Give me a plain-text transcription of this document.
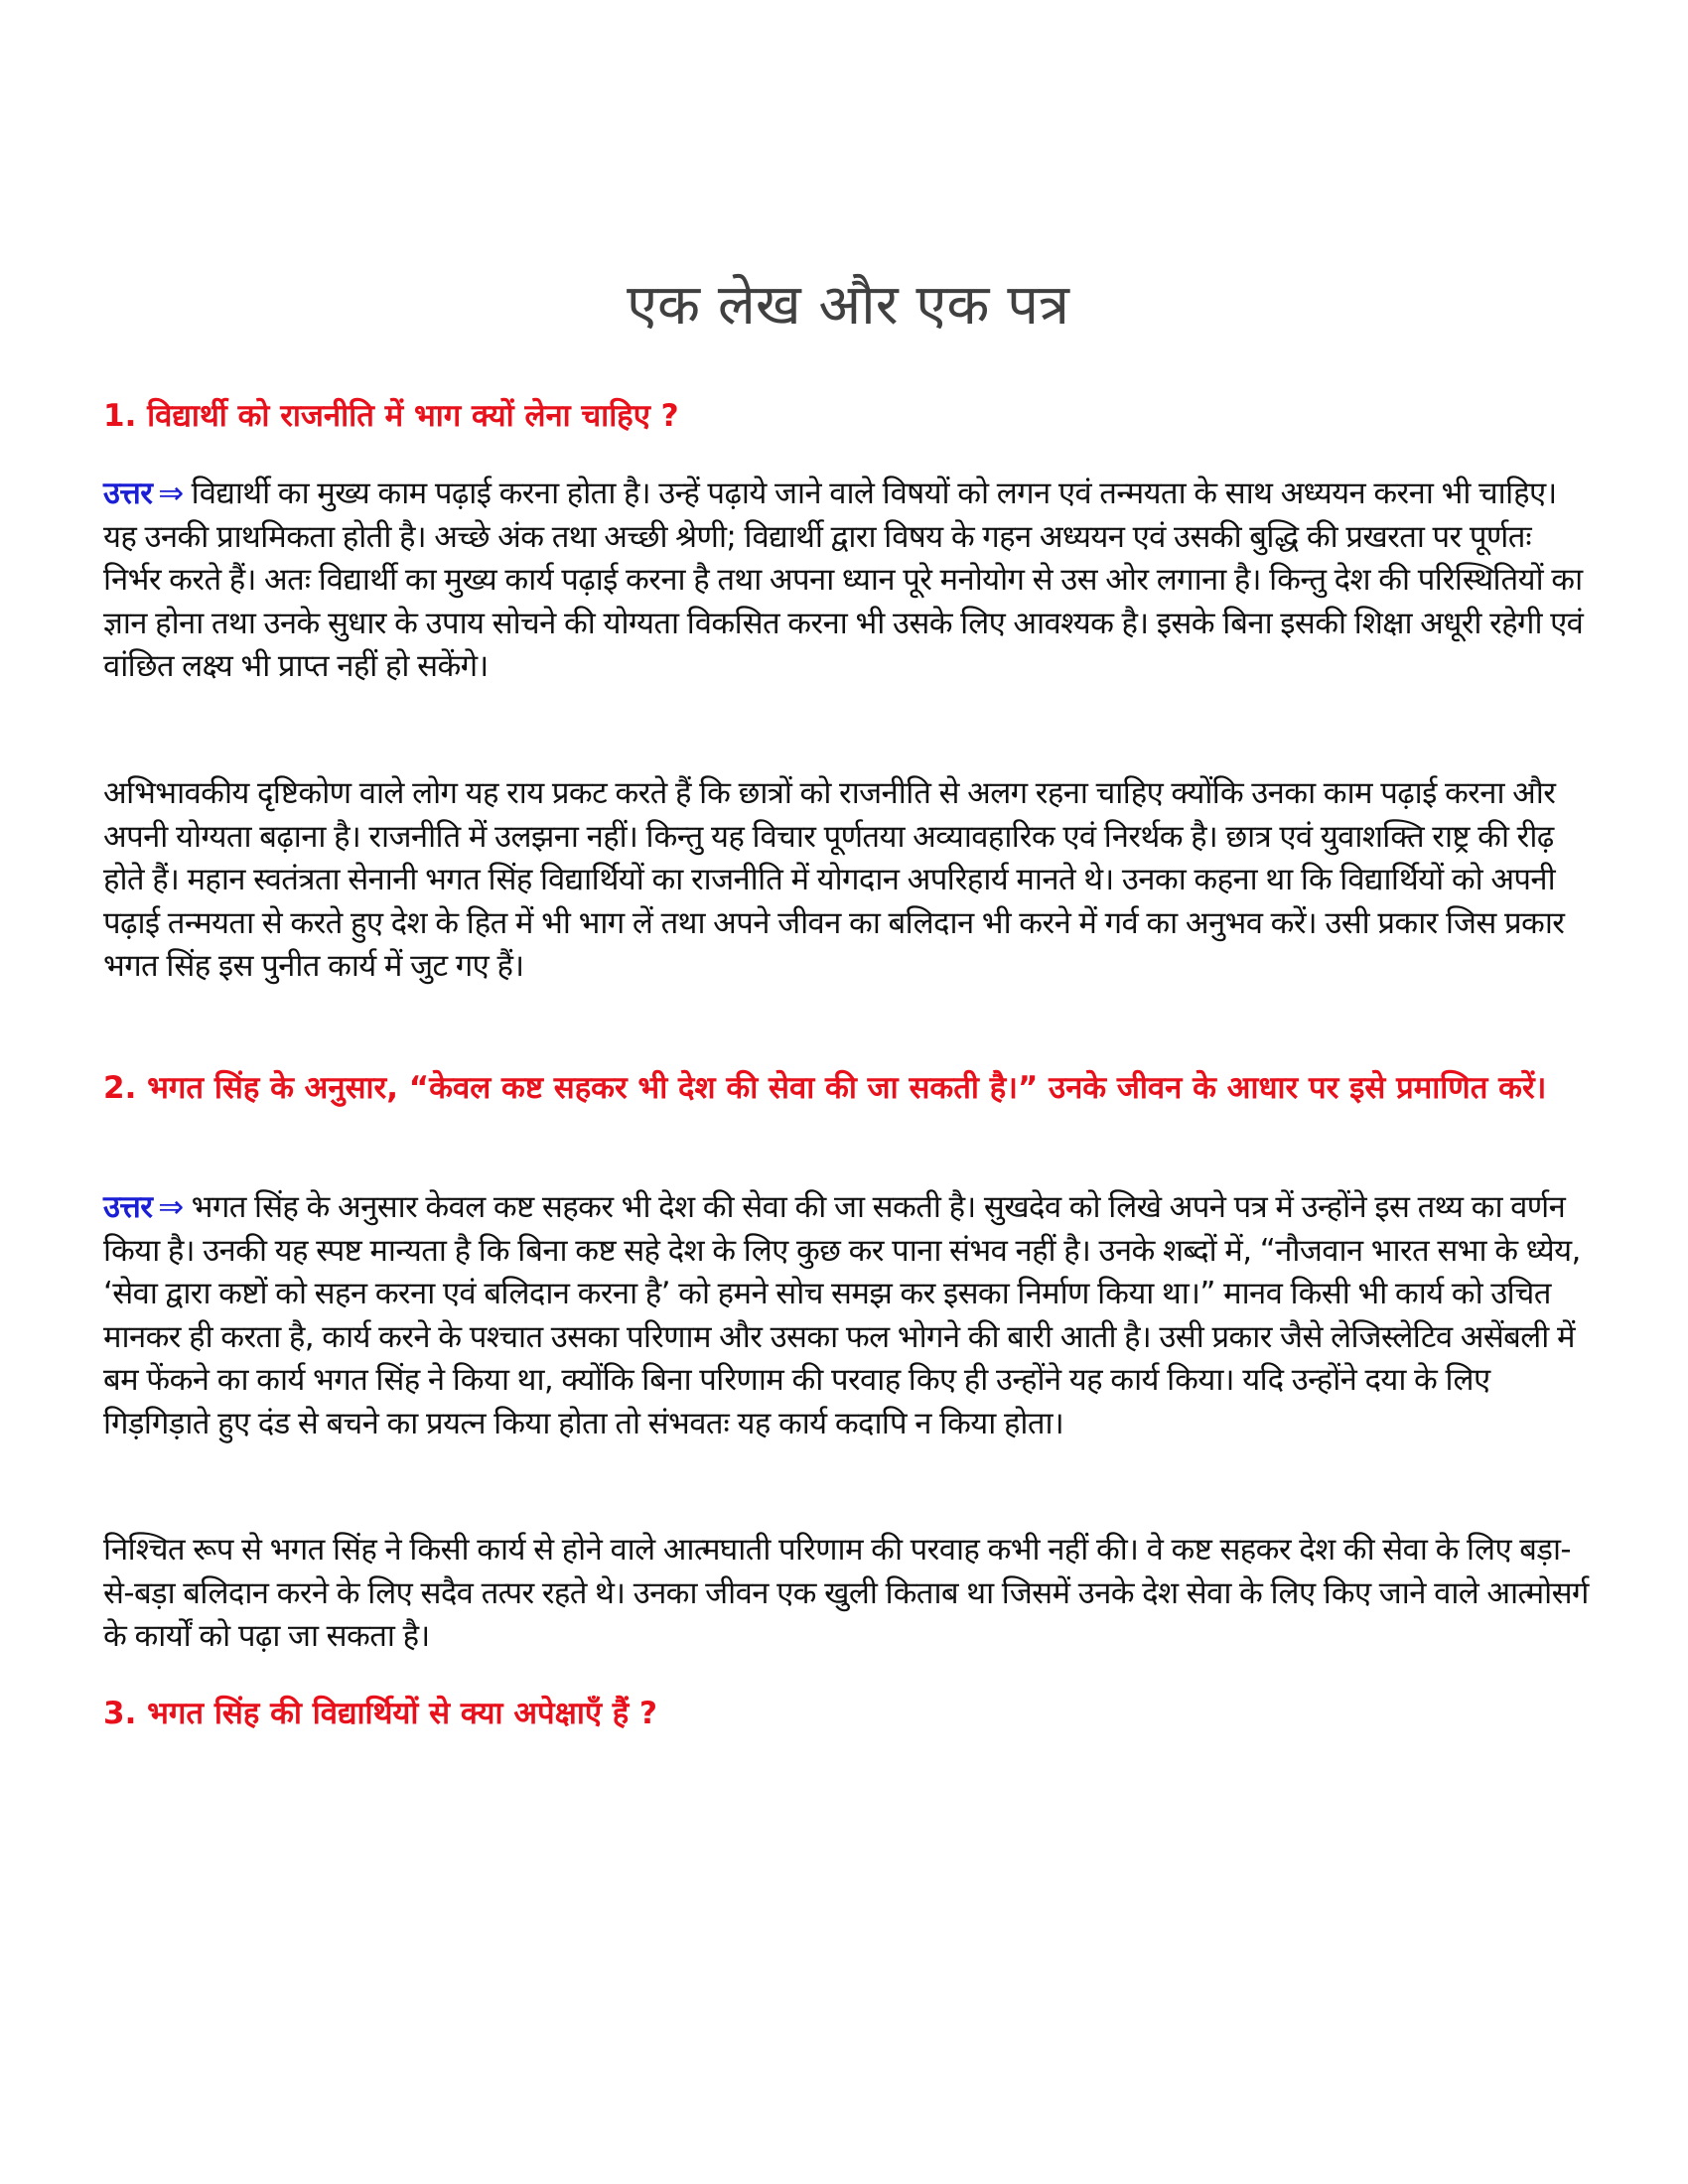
एक लेख और एक पत्र

1. विद्यार्थी को राजनीति में भाग क्यों लेना चाहिए ?

उत्तर ⇒ विद्यार्थी का मुख्य काम पढ़ाई करना होता है। उन्हें पढ़ाये जाने वाले विषयों को लगन एवं तन्मयता के साथ अध्ययन करना भी चाहिए। यह उनकी प्राथमिकता होती है। अच्छे अंक तथा अच्छी श्रेणी; विद्यार्थी द्वारा विषय के गहन अध्ययन एवं उसकी बुद्धि की प्रखरता पर पूर्णतः निर्भर करते हैं। अतः विद्यार्थी का मुख्य कार्य पढ़ाई करना है तथा अपना ध्यान पूरे मनोयोग से उस ओर लगाना है। किन्तु देश की परिस्थितियों का ज्ञान होना तथा उनके सुधार के उपाय सोचने की योग्यता विकसित करना भी उसके लिए आवश्यक है। इसके बिना इसकी शिक्षा अधूरी रहेगी एवं वांछित लक्ष्य भी प्राप्त नहीं हो सकेंगे।

अभिभावकीय दृष्टिकोण वाले लोग यह राय प्रकट करते हैं कि छात्रों को राजनीति से अलग रहना चाहिए क्योंकि उनका काम पढ़ाई करना और अपनी योग्यता बढ़ाना है। राजनीति में उलझना नहीं। किन्तु यह विचार पूर्णतया अव्यावहारिक एवं निरर्थक है। छात्र एवं युवाशक्ति राष्ट्र की रीढ़ होते हैं। महान स्वतंत्रता सेनानी भगत सिंह विद्यार्थियों का राजनीति में योगदान अपरिहार्य मानते थे। उनका कहना था कि विद्यार्थियों को अपनी पढ़ाई तन्मयता से करते हुए देश के हित में भी भाग लें तथा अपने जीवन का बलिदान भी करने में गर्व का अनुभव करें। उसी प्रकार जिस प्रकार भगत सिंह इस पुनीत कार्य में जुट गए हैं।

2. भगत सिंह के अनुसार, “केवल कष्ट सहकर भी देश की सेवा की जा सकती है।” उनके जीवन के आधार पर इसे प्रमाणित करें।

उत्तर ⇒ भगत सिंह के अनुसार केवल कष्ट सहकर भी देश की सेवा की जा सकती है। सुखदेव को लिखे अपने पत्र में उन्होंने इस तथ्य का वर्णन किया है। उनकी यह स्पष्ट मान्यता है कि बिना कष्ट सहे देश के लिए कुछ कर पाना संभव नहीं है। उनके शब्दों में, “नौजवान भारत सभा के ध्येय, ‘सेवा द्वारा कष्टों को सहन करना एवं बलिदान करना है’ को हमने सोच समझ कर इसका निर्माण किया था।” मानव किसी भी कार्य को उचित मानकर ही करता है, कार्य करने के पश्चात उसका परिणाम और उसका फल भोगने की बारी आती है। उसी प्रकार जैसे लेजिस्लेटिव असेंबली में बम फेंकने का कार्य भगत सिंह ने किया था, क्योंकि बिना परिणाम की परवाह किए ही उन्होंने यह कार्य किया। यदि उन्होंने दया के लिए गिड़गिड़ाते हुए दंड से बचने का प्रयत्न किया होता तो संभवतः यह कार्य कदापि न किया होता।

निश्चित रूप से भगत सिंह ने किसी कार्य से होने वाले आत्मघाती परिणाम की परवाह कभी नहीं की। वे कष्ट सहकर देश की सेवा के लिए बड़ा-से-बड़ा बलिदान करने के लिए सदैव तत्पर रहते थे। उनका जीवन एक खुली किताब था जिसमें उनके देश सेवा के लिए किए जाने वाले आत्मोसर्ग के कार्यों को पढ़ा जा सकता है।

3. भगत सिंह की विद्यार्थियों से क्या अपेक्षाएँ हैं ?
